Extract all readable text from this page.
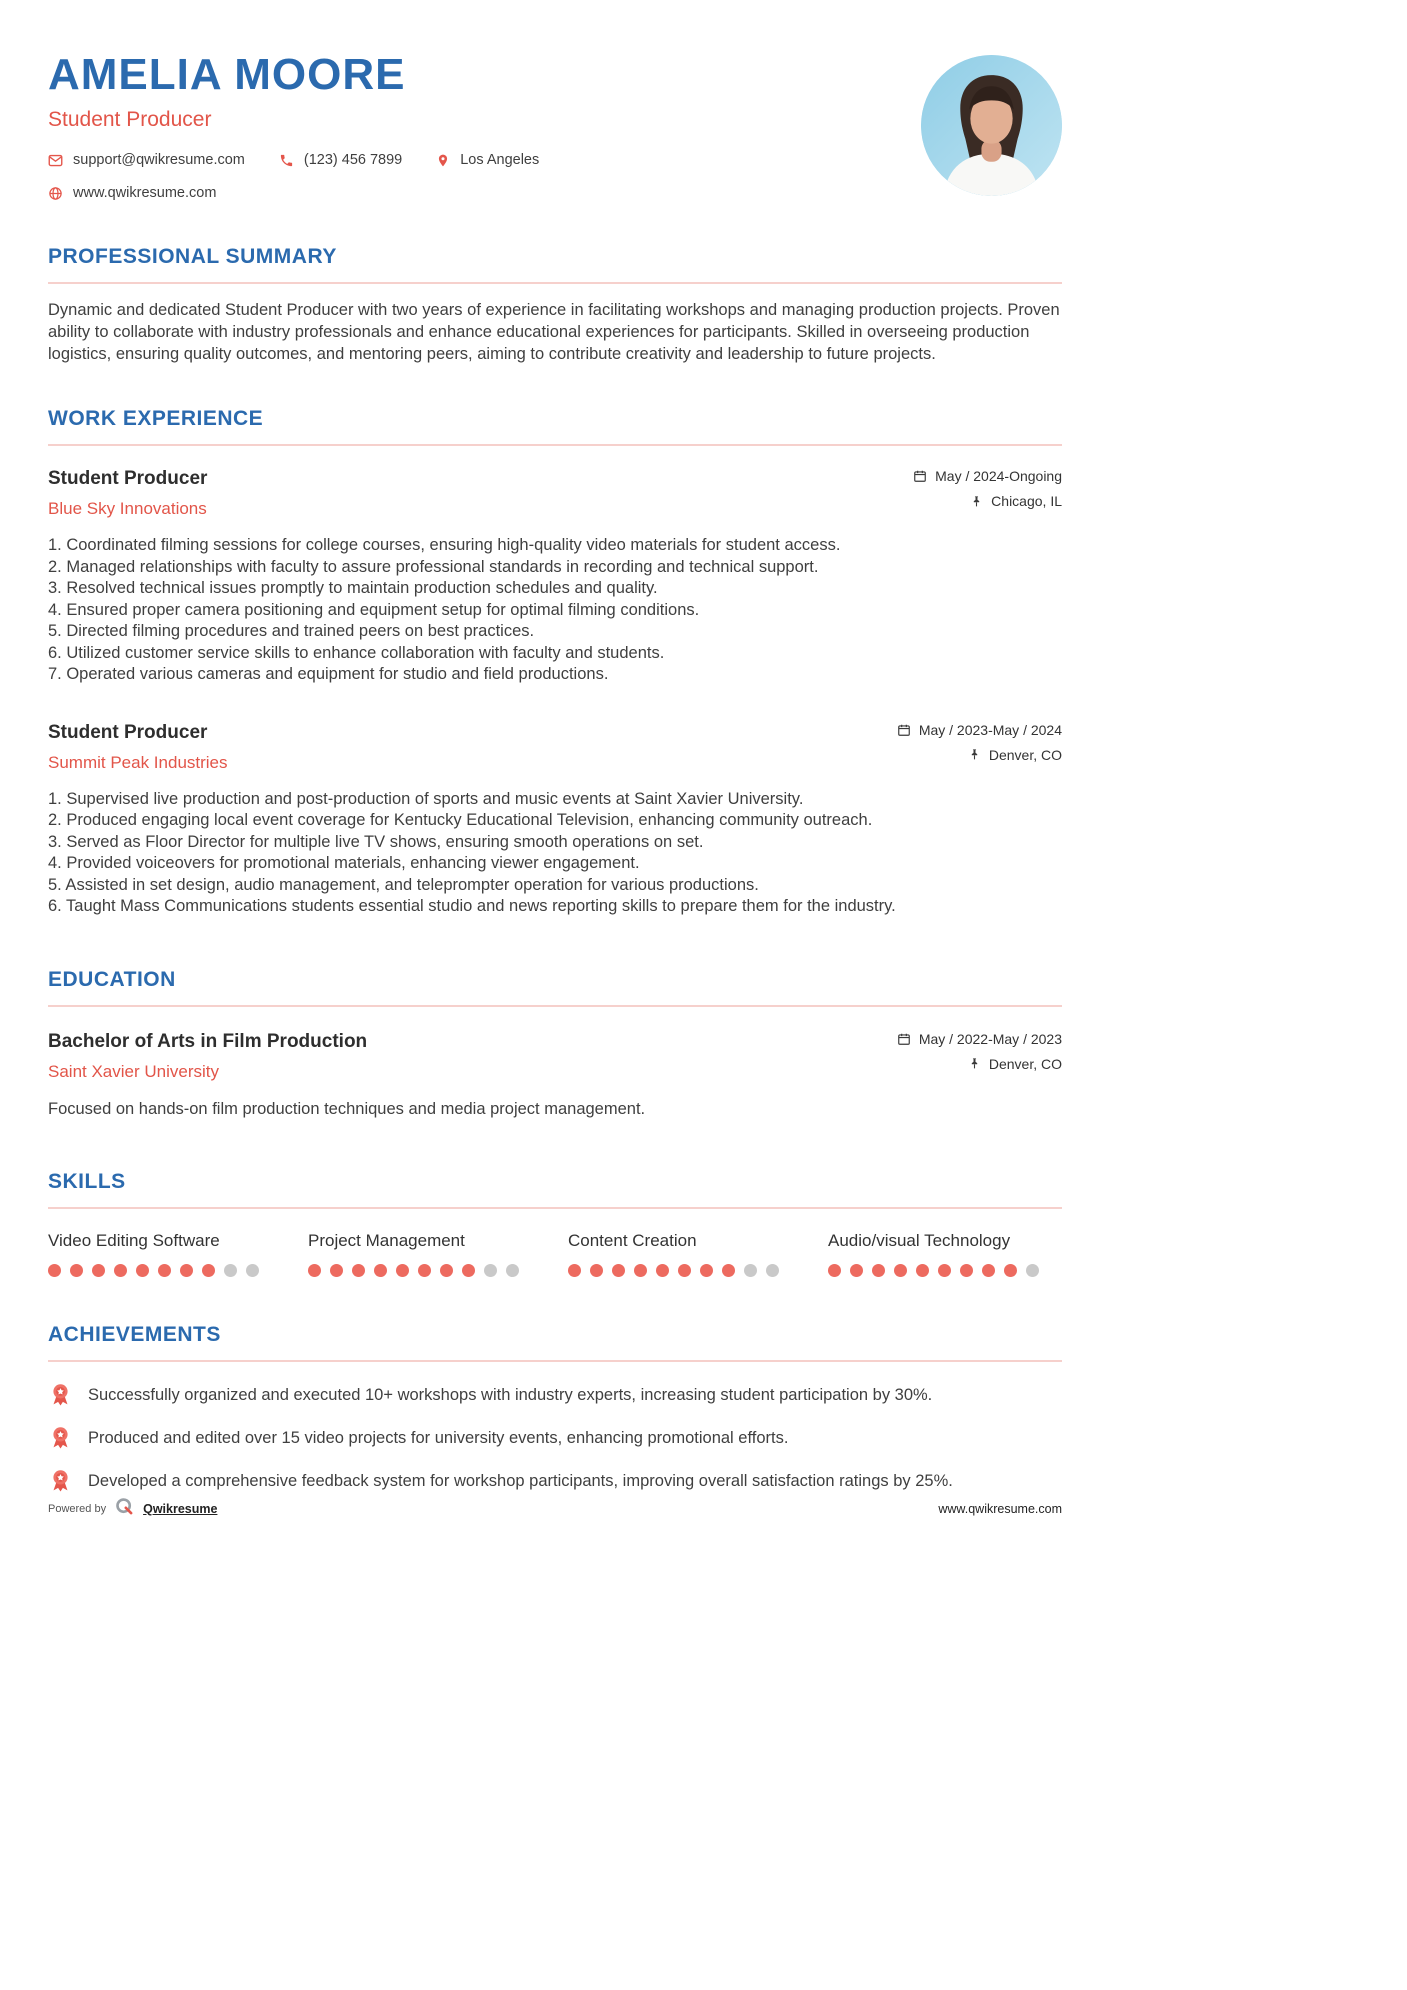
AMELIA MOORE
Student Producer
support@qwikresume.com	(123) 456 7899	Los Angeles
www.qwikresume.com
PROFESSIONAL SUMMARY

Dynamic and dedicated Student Producer with two years of experience in facilitating workshops and managing production projects. Proven ability to collaborate with industry professionals and enhance educational experiences for participants. Skilled in overseeing production logistics, ensuring quality outcomes, and mentoring peers, aiming to contribute creativity and leadership to future projects.

WORK EXPERIENCE
Student Producer
Blue Sky Innovations
May / 2024-Ongoing
Chicago, IL
1. Coordinated filming sessions for college courses, ensuring high-quality video materials for student access.
2. Managed relationships with faculty to assure professional standards in recording and technical support.
3. Resolved technical issues promptly to maintain production schedules and quality.
4. Ensured proper camera positioning and equipment setup for optimal filming conditions.
5. Directed filming procedures and trained peers on best practices.
6. Utilized customer service skills to enhance collaboration with faculty and students.
7. Operated various cameras and equipment for studio and field productions.
Student Producer
Summit Peak Industries
May / 2023-May / 2024
Denver, CO
1. Supervised live production and post-production of sports and music events at Saint Xavier University.
2. Produced engaging local event coverage for Kentucky Educational Television, enhancing community outreach.
3. Served as Floor Director for multiple live TV shows, ensuring smooth operations on set.
4. Provided voiceovers for promotional materials, enhancing viewer engagement.
5. Assisted in set design, audio management, and teleprompter operation for various productions.
6. Taught Mass Communications students essential studio and news reporting skills to prepare them for the industry.
EDUCATION
Bachelor of Arts in Film Production
Saint Xavier University
May / 2022-May / 2023
Denver, CO

Focused on hands-on film production techniques and media project management.

SKILLS
Video Editing Software	Project Management	Content Creation	Audio/visual Technology
ACHIEVEMENTS
Successfully organized and executed 10+ workshops with industry experts, increasing student participation by 30%.
Produced and edited over 15 video projects for university events, enhancing promotional efforts.
Developed a comprehensive feedback system for workshop participants, improving overall satisfaction ratings by 25%.
Powered by	Qwikresume	www.qwikresume.com
